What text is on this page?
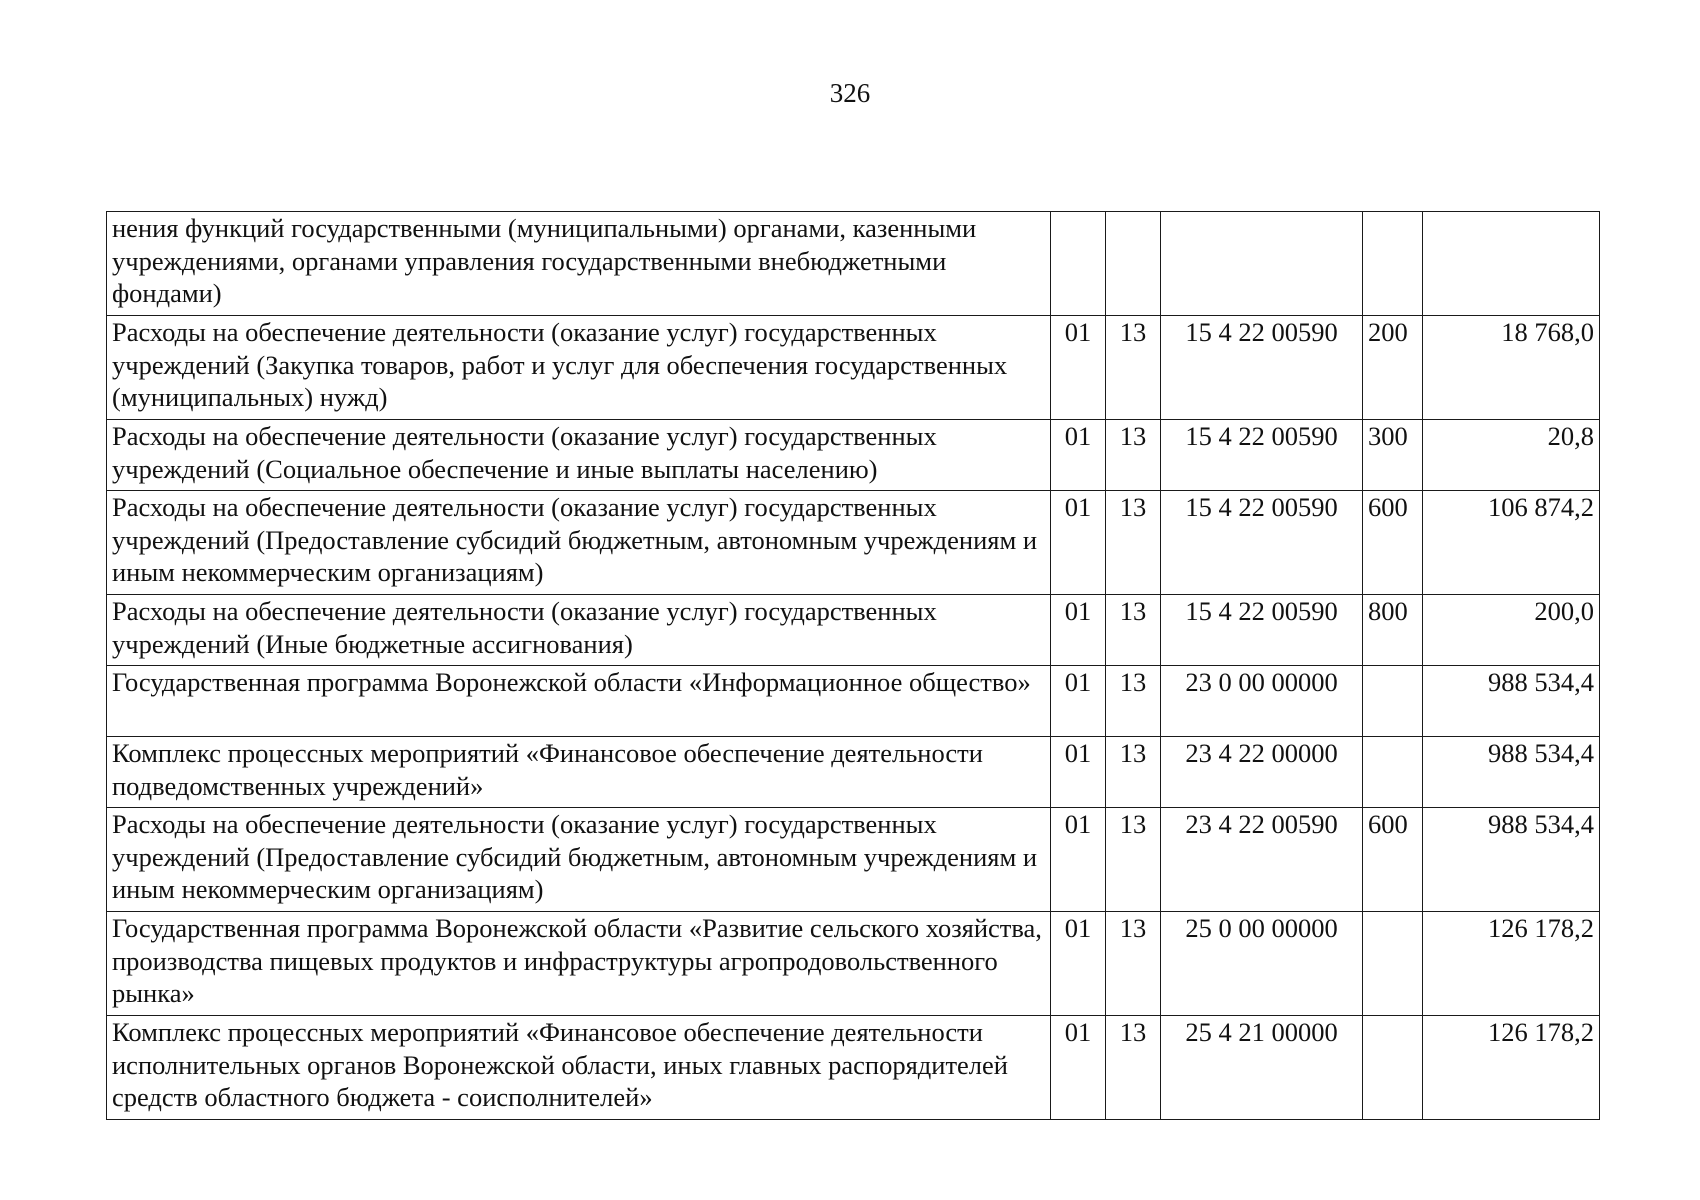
326
нения функций государственными (муниципальными) органами, казенными учреждениями, органами управления государственными внебюджетными фондами)					
Расходы на обеспечение деятельности (оказание услуг) государственных учреждений (Закупка товаров, работ и услуг для обеспечения государственных (муниципальных) нужд)	01	13	15 4 22 00590	200	18 768,0
Расходы на обеспечение деятельности (оказание услуг) государственных учреждений (Социальное обеспечение и иные выплаты населению)	01	13	15 4 22 00590	300	20,8
Расходы на обеспечение деятельности (оказание услуг) государственных учреждений (Предоставление субсидий бюджетным, автономным учреждениям и иным некоммерческим организациям)	01	13	15 4 22 00590	600	106 874,2
Расходы на обеспечение деятельности (оказание услуг) государственных учреждений (Иные бюджетные ассигнования)	01	13	15 4 22 00590	800	200,0
Государственная программа Воронежской области «Информационное общество»	01	13	23 0 00 00000		988 534,4
Комплекс процессных мероприятий «Финансовое обеспечение деятельности подведомственных учреждений»	01	13	23 4 22 00000		988 534,4
Расходы на обеспечение деятельности (оказание услуг) государственных учреждений (Предоставление субсидий бюджетным, автономным учреждениям и иным некоммерческим организациям)	01	13	23 4 22 00590	600	988 534,4
Государственная программа Воронежской области «Развитие сельского хозяйства, производства пищевых продуктов и инфраструктуры агропродовольственного рынка»	01	13	25 0 00 00000		126 178,2
Комплекс процессных мероприятий «Финансовое обеспечение деятельности исполнительных органов Воронежской области, иных главных распорядителей средств областного бюджета - соисполнителей»	01	13	25 4 21 00000		126 178,2
